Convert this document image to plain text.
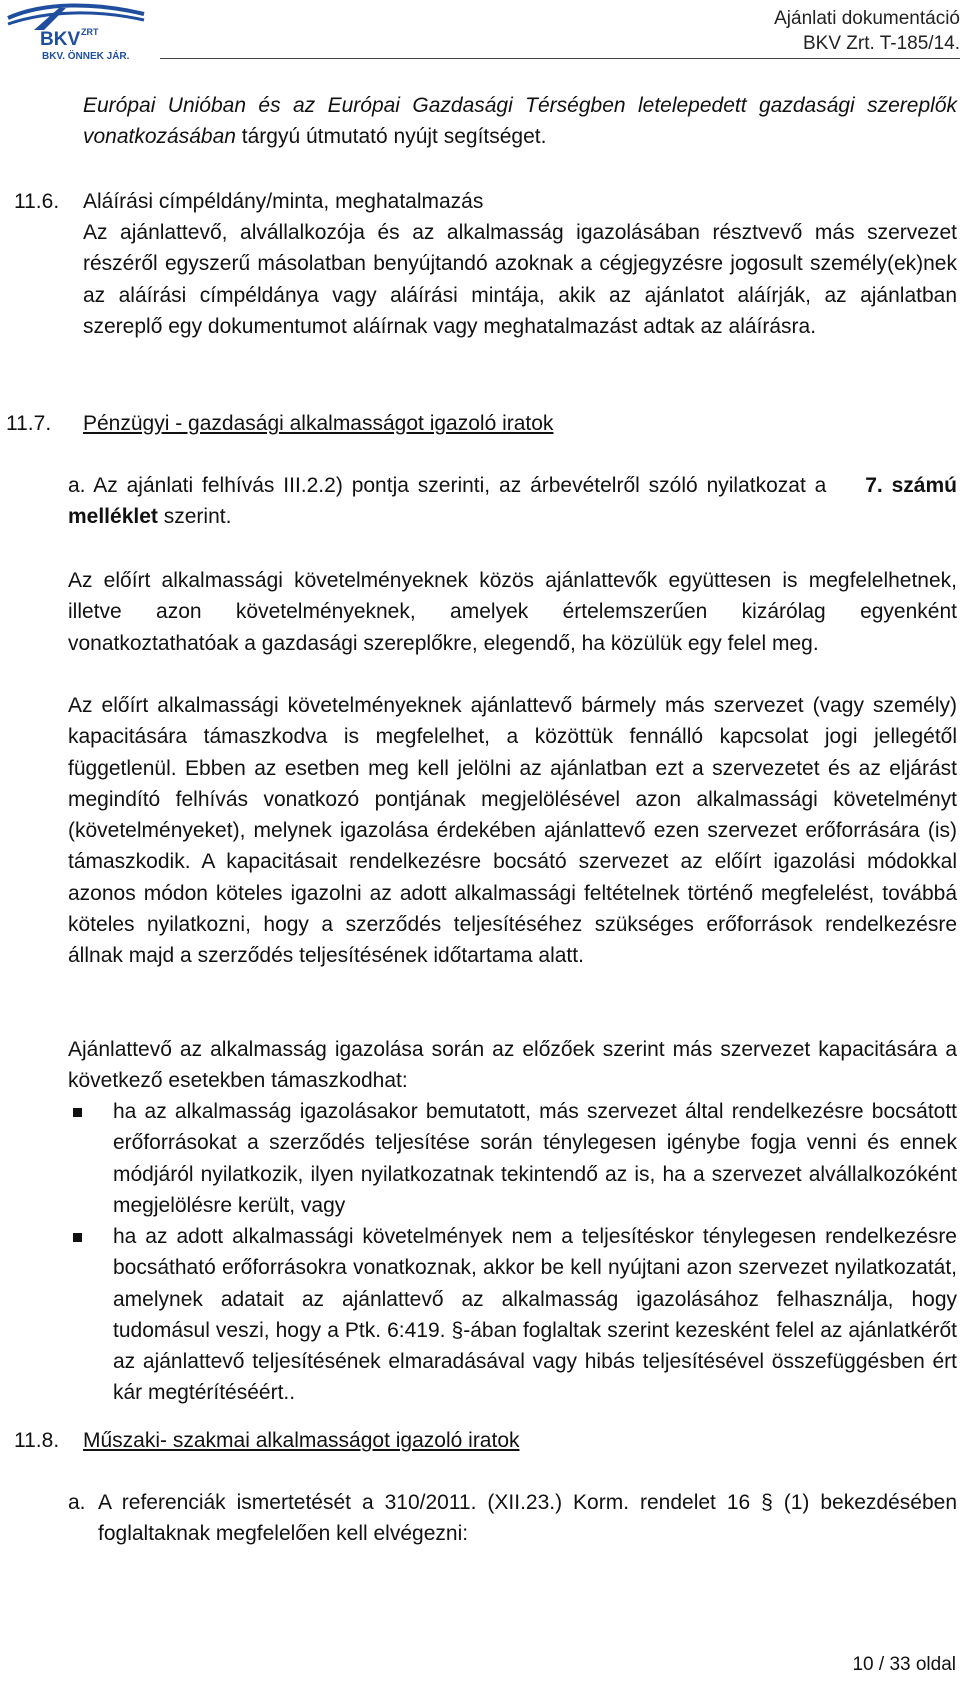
BKV ZRT
BKV. ÖNNEK JÁR.
Ajánlati dokumentáció
BKV Zrt. T-185/14.
Európai Unióban és az Európai Gazdasági Térségben letelepedett gazdasági szereplők vonatkozásában tárgyú útmutató nyújt segítséget.
11.6. Aláírási címpéldány/minta, meghatalmazás
Az ajánlattevő, alvállalkozója és az alkalmasság igazolásában résztvevő más szervezet részéről egyszerű másolatban benyújtandó azoknak a cégjegyzésre jogosult személy(ek)nek az aláírási címpéldánya vagy aláírási mintája, akik az ajánlatot aláírják, az ajánlatban szereplő egy dokumentumot aláírnak vagy meghatalmazást adtak az aláírásra.
11.7. Pénzügyi - gazdasági alkalmasságot igazoló iratok
a. Az ajánlati felhívás III.2.2) pontja szerinti, az árbevételről szóló nyilatkozat a 7. számú melléklet szerint.
Az előírt alkalmassági követelményeknek közös ajánlattevők együttesen is megfelelhetnek, illetve azon követelményeknek, amelyek értelemszerűen kizárólag egyenként vonatkoztathatóak a gazdasági szereplőkre, elegendő, ha közülük egy felel meg.
Az előírt alkalmassági követelményeknek ajánlattevő bármely más szervezet (vagy személy) kapacitására támaszkodva is megfelelhet, a közöttük fennálló kapcsolat jogi jellegétől függetlenül. Ebben az esetben meg kell jelölni az ajánlatban ezt a szervezetet és az eljárást megindító felhívás vonatkozó pontjának megjelölésével azon alkalmassági követelményt (követelményeket), melynek igazolása érdekében ajánlattevő ezen szervezet erőforrására (is) támaszkodik. A kapacitásait rendelkezésre bocsátó szervezet az előírt igazolási módokkal azonos módon köteles igazolni az adott alkalmassági feltételnek történő megfelelést, továbbá köteles nyilatkozni, hogy a szerződés teljesítéséhez szükséges erőforrások rendelkezésre állnak majd a szerződés teljesítésének időtartama alatt.
Ajánlattevő az alkalmasság igazolása során az előzőek szerint más szervezet kapacitására a következő esetekben támaszkodhat:
ha az alkalmasság igazolásakor bemutatott, más szervezet által rendelkezésre bocsátott erőforrásokat a szerződés teljesítése során ténylegesen igénybe fogja venni és ennek módjáról nyilatkozik, ilyen nyilatkozatnak tekintendő az is, ha a szervezet alvállalkozóként megjelölésre került, vagy
ha az adott alkalmassági követelmények nem a teljesítéskor ténylegesen rendelkezésre bocsátható erőforrásokra vonatkoznak, akkor be kell nyújtani azon szervezet nyilatkozatát, amelynek adatait az ajánlattevő az alkalmasság igazolásához felhasználja, hogy tudomásul veszi, hogy a Ptk. 6:419. §-ában foglaltak szerint kezesként felel az ajánlatkérőt az ajánlattevő teljesítésének elmaradásával vagy hibás teljesítésével összefüggésben ért kár megtérítéséért..
11.8. Műszaki- szakmai alkalmasságot igazoló iratok
a. A referenciák ismertetését a 310/2011. (XII.23.) Korm. rendelet 16 § (1) bekezdésében foglaltaknak megfelelően kell elvégezni:
10 / 33 oldal
